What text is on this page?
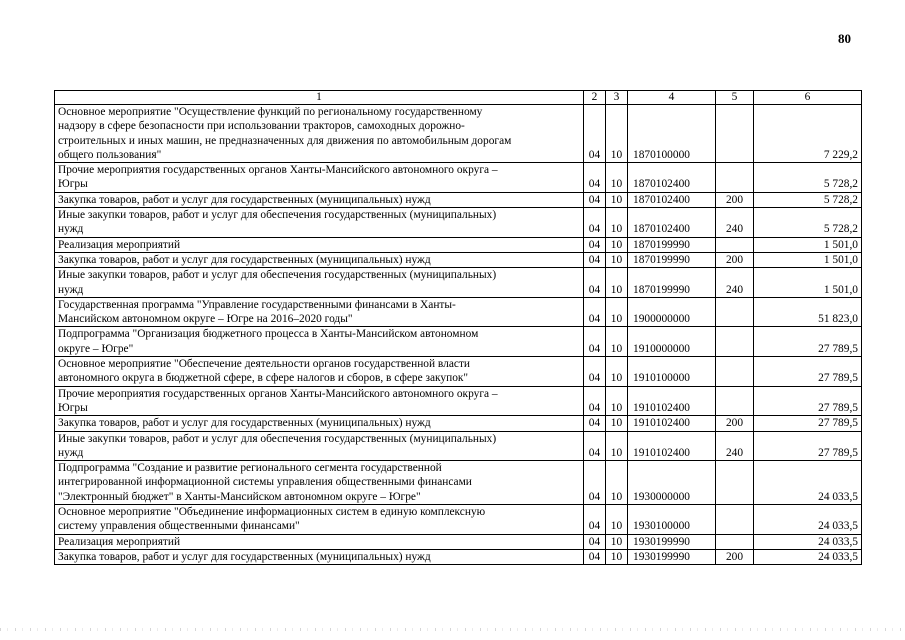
80
1	2	3	4	5	6
Основное мероприятие "Осуществление функций по региональному государственному
надзору в сфере безопасности при использовании тракторов, самоходных дорожно-
строительных и иных машин, не предназначенных для движения по автомобильным дорогам
общего пользования"	04	10	1870100000		7 229,2
Прочие мероприятия государственных органов Ханты-Мансийского автономного округа –
Югры	04	10	1870102400		5 728,2
Закупка товаров, работ и услуг для государственных (муниципальных) нужд	04	10	1870102400	200	5 728,2
Иные закупки товаров, работ и услуг для обеспечения государственных (муниципальных)
нужд	04	10	1870102400	240	5 728,2
Реализация мероприятий	04	10	1870199990		1 501,0
Закупка товаров, работ и услуг для государственных (муниципальных) нужд	04	10	1870199990	200	1 501,0
Иные закупки товаров, работ и услуг для обеспечения государственных (муниципальных)
нужд	04	10	1870199990	240	1 501,0
Государственная программа "Управление государственными финансами в Ханты-
Мансийском автономном округе – Югре на 2016–2020 годы"	04	10	1900000000		51 823,0
Подпрограмма "Организация бюджетного процесса в Ханты-Мансийском автономном
округе – Югре"	04	10	1910000000		27 789,5
Основное мероприятие "Обеспечение деятельности органов государственной власти
автономного округа в бюджетной сфере, в сфере налогов и сборов, в сфере закупок"	04	10	1910100000		27 789,5
Прочие мероприятия государственных органов Ханты-Мансийского автономного округа –
Югры	04	10	1910102400		27 789,5
Закупка товаров, работ и услуг для государственных (муниципальных) нужд	04	10	1910102400	200	27 789,5
Иные закупки товаров, работ и услуг для обеспечения государственных (муниципальных)
нужд	04	10	1910102400	240	27 789,5
Подпрограмма "Создание и развитие регионального сегмента государственной
интегрированной информационной системы управления общественными финансами
"Электронный бюджет" в Ханты-Мансийском автономном округе – Югре"	04	10	1930000000		24 033,5
Основное мероприятие "Объединение информационных систем в единую комплексную
систему управления общественными финансами"	04	10	1930100000		24 033,5
Реализация мероприятий	04	10	1930199990		24 033,5
Закупка товаров, работ и услуг для государственных (муниципальных) нужд	04	10	1930199990	200	24 033,5
